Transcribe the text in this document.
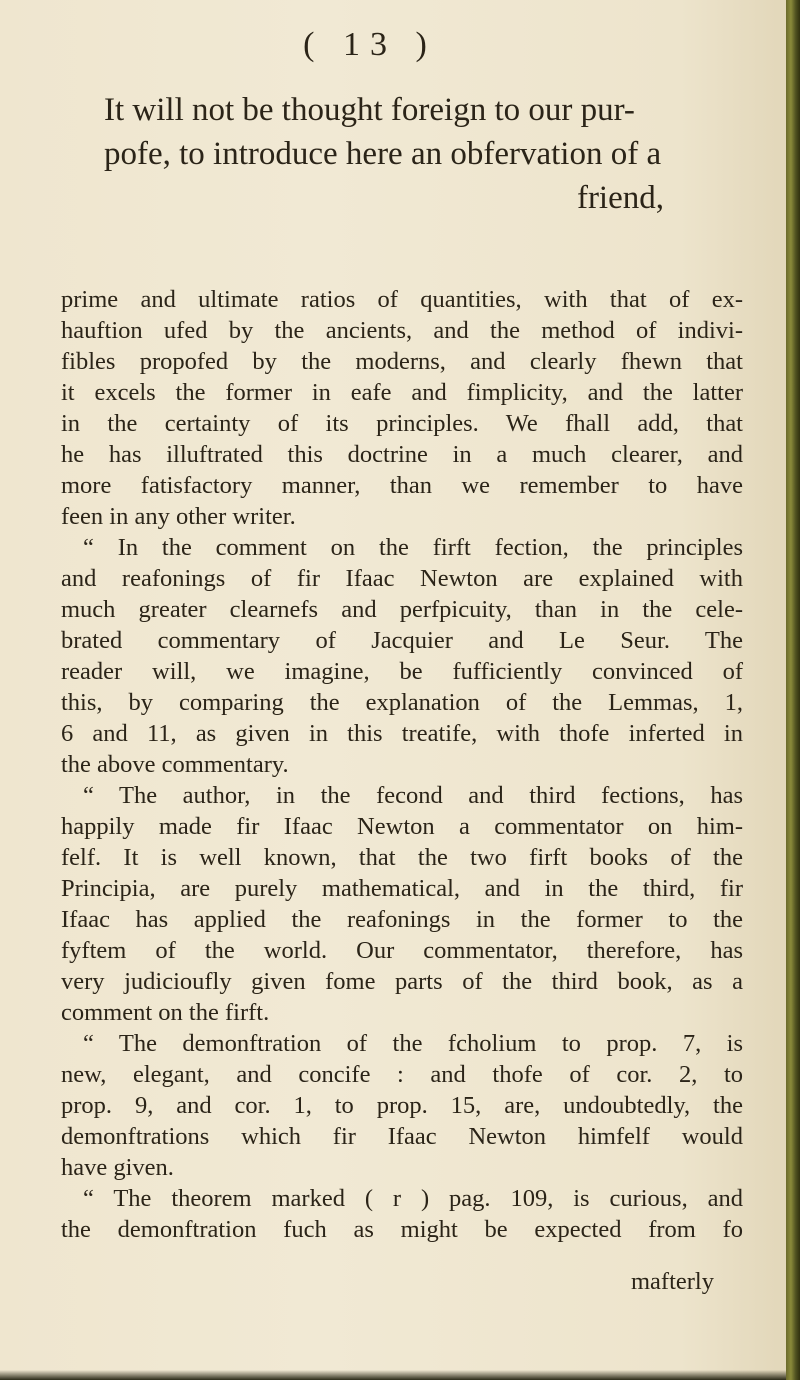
( 13 )
It will not be thought foreign to our pur-
pofe, to introduce here an obfervation of a
friend,
prime and ultimate ratios of quantities, with that of ex-
hauftion ufed by the ancients, and the method of indivi-
fibles propofed by the moderns, and clearly fhewn that
it excels the former in eafe and fimplicity, and the latter
in the certainty of its principles. We fhall add, that
he has illuftrated this doctrine in a much clearer, and
more fatisfactory manner, than we remember to have
feen in any other writer.
“ In the comment on the firft fection, the principles
and reafonings of fir Ifaac Newton are explained with
much greater clearnefs and perfpicuity, than in the cele-
brated commentary of Jacquier and Le Seur. The
reader will, we imagine, be fufficiently convinced of
this, by comparing the explanation of the Lemmas, 1,
6 and 11, as given in this treatife, with thofe inferted in
the above commentary.
“ The author, in the fecond and third fections, has
happily made fir Ifaac Newton a commentator on him-
felf. It is well known, that the two firft books of the
Principia, are purely mathematical, and in the third, fir
Ifaac has applied the reafonings in the former to the
fyftem of the world. Our commentator, therefore, has
very judicioufly given fome parts of the third book, as a
comment on the firft.
“ The demonftration of the fcholium to prop. 7, is
new, elegant, and concife : and thofe of cor. 2, to
prop. 9, and cor. 1, to prop. 15, are, undoubtedly, the
demonftrations which fir Ifaac Newton himfelf would
have given.
“ The theorem marked ( r ) pag. 109, is curious, and
the demonftration fuch as might be expected from fo
mafterly
